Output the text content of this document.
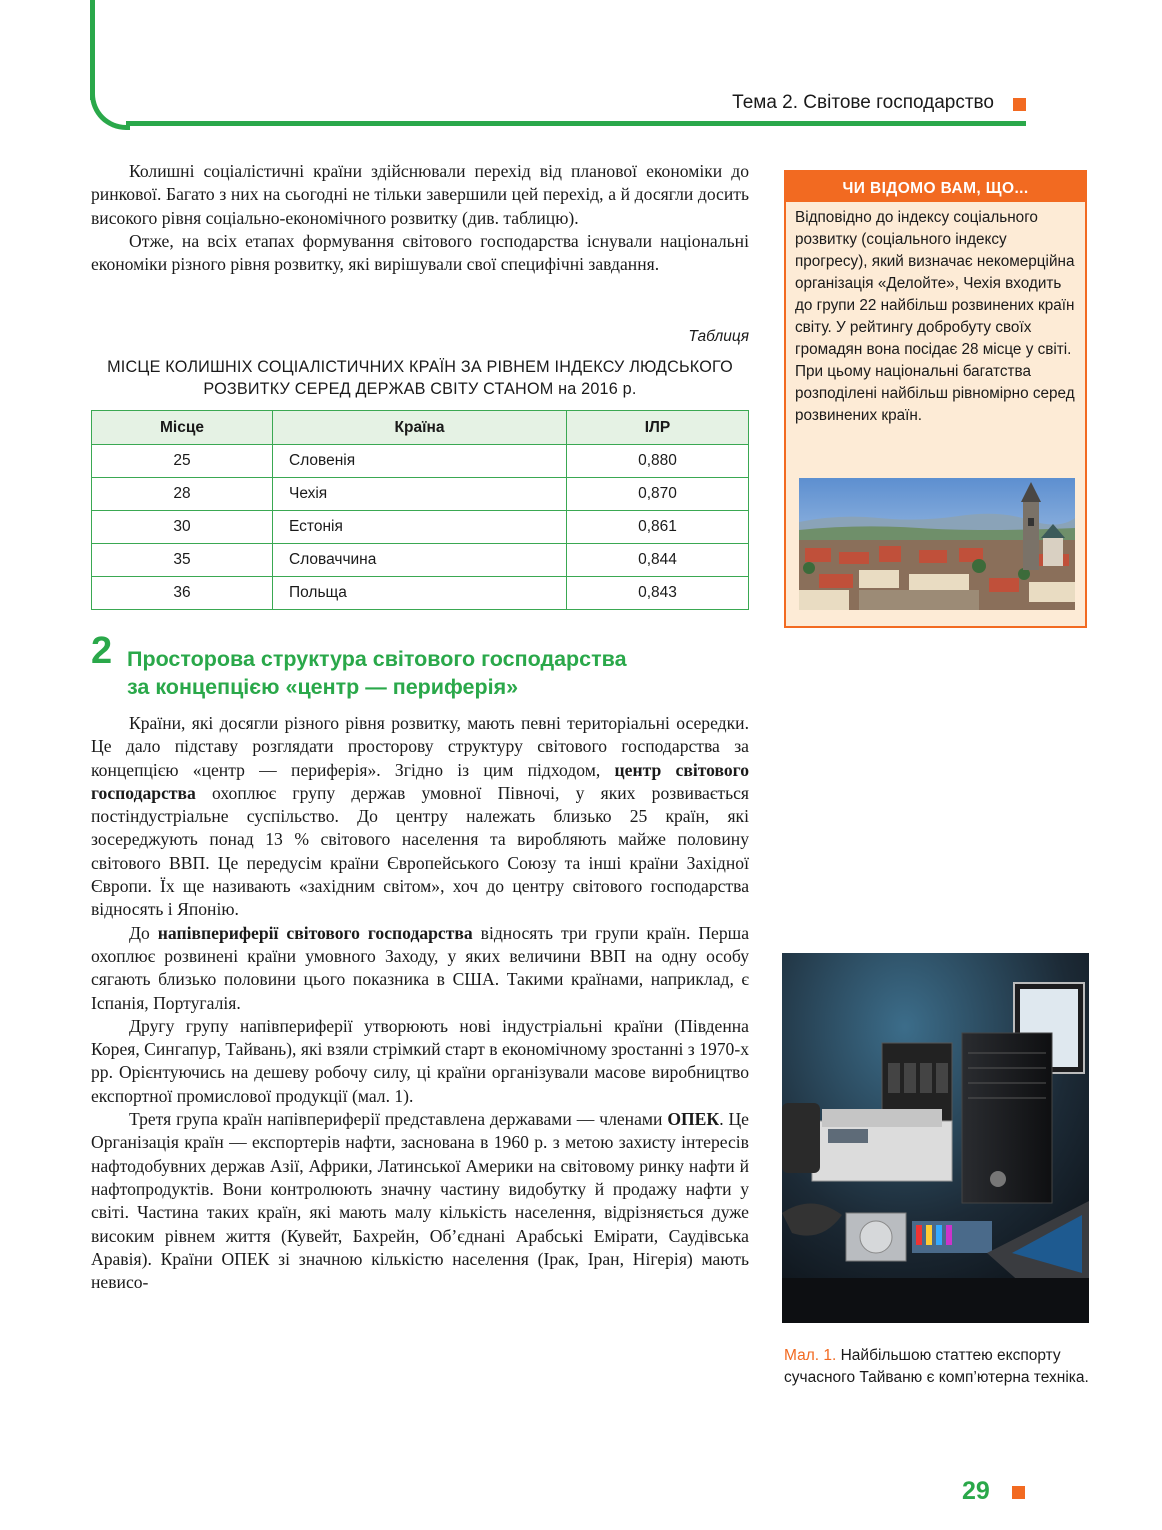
Тема 2. Світове господарство

Колишні соціалістичні країни здійснювали перехід від планової економіки до ринкової. Багато з них на сьогодні не тільки завершили цей перехід, а й досягли досить високого рівня соціально-економічного розвитку (див. таблицю).

Отже, на всіх етапах формування світового господарства існували національні економіки різного рівня розвитку, які вирішували свої специфічні завдання.

Таблиця
МІСЦЕ КОЛИШНІХ СОЦІАЛІСТИЧНИХ КРАЇН ЗА РІВНЕМ ІНДЕКСУ ЛЮДСЬКОГО РОЗВИТКУ СЕРЕД ДЕРЖАВ СВІТУ СТАНОМ на 2016 р.
Місце	Країна	ІЛР
25	Словенія	0,880
28	Чехія	0,870
30	Естонія	0,861
35	Словаччина	0,844
36	Польща	0,843
2 Просторова структура світового господарства
за концепцією «центр — периферія»

Країни, які досягли різного рівня розвитку, мають певні територіальні осередки. Це дало підставу розглядати просторову структуру світового господарства за концепцією «центр — периферія». Згідно із цим підходом, центр світового господарства охоплює групу держав умовної Півночі, у яких розвивається постіндустріальне суспільство. До центру належать близько 25 країн, які зосереджують понад 13 % світового населення та виробляють майже половину світового ВВП. Це передусім країни Європейського Союзу та інші країни Західної Європи. Їх ще називають «західним світом», хоч до центру світового господарства відносять і Японію.

До напівпериферії світового господарства відносять три групи країн. Перша охоплює розвинені країни умовного Заходу, у яких величини ВВП на одну особу сягають близько половини цього показника в США. Такими країнами, наприклад, є Іспанія, Португалія.

Другу групу напівпериферії утворюють нові індустріальні країни (Південна Корея, Сингапур, Тайвань), які взяли стрімкий старт в економічному зростанні з 1970-х рр. Орієнтуючись на дешеву робочу силу, ці країни організували масове виробництво експортної промислової продукції (мал. 1).

Третя група країн напівпериферії представлена державами — членами ОПЕК. Це Організація країн — експортерів нафти, заснована в 1960 р. з метою захисту інтересів нафтодобувних держав Азії, Африки, Латинської Америки на світовому ринку нафти й нафтопродуктів. Вони контролюють значну частину видобутку й продажу нафти у світі. Частина таких країн, які мають малу кількість населення, відрізняється дуже високим рівнем життя (Кувейт, Бахрейн, Об’єднані Арабські Емірати, Саудівська Аравія). Країни ОПЕК зі значною кількістю населення (Ірак, Іран, Нігерія) мають невисо-

ЧИ ВІДОМО ВАМ, ЩО...
Відповідно до індексу соціального розвитку (соціального індексу прогресу), який визначає некомерційна організація «Делойте», Чехія входить до групи 22 найбільш розвинених країн світу. У рейтингу добробуту своїх громадян вона посідає 28 місце у світі. При цьому національні багатства розподілені найбільш рівномірно серед розвинених країн.
Мал. 1. Найбільшою статтею експорту сучасного Тайваню є комп’ютерна техніка.
29
